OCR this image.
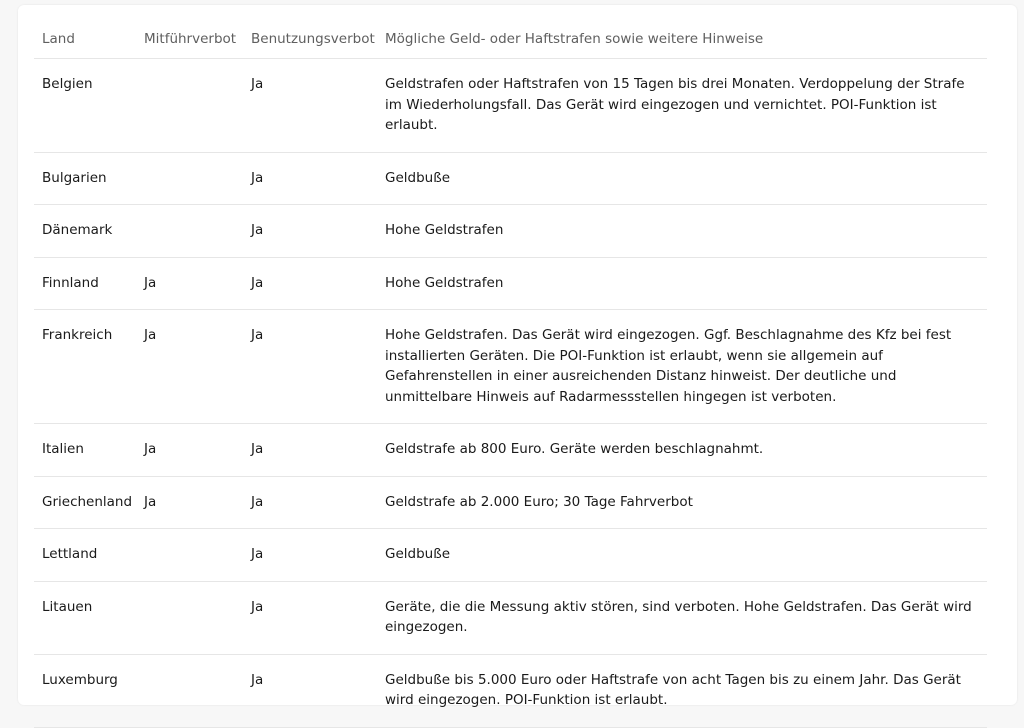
Land	Mitführverbot	Benutzungsverbot	Mögliche Geld- oder Haftstrafen sowie weitere Hinweise
Belgien		Ja	Geldstrafen oder Haftstrafen von 15 Tagen bis drei Monaten. Verdoppelung der Strafe im Wiederholungsfall. Das Gerät wird eingezogen und vernichtet. POI-Funktion ist erlaubt.
Bulgarien		Ja	Geldbuße
Dänemark		Ja	Hohe Geldstrafen
Finnland	Ja	Ja	Hohe Geldstrafen
Frankreich	Ja	Ja	Hohe Geldstrafen. Das Gerät wird eingezogen. Ggf. Beschlagnahme des Kfz bei fest installierten Geräten. Die POI-Funktion ist erlaubt, wenn sie allgemein auf Gefahrenstellen in einer ausreichenden Distanz hinweist. Der deutliche und unmittelbare Hinweis auf Radarmessstellen hingegen ist verboten.
Italien	Ja	Ja	Geldstrafe ab 800 Euro. Geräte werden beschlagnahmt.
Griechenland	Ja	Ja	Geldstrafe ab 2.000 Euro; 30 Tage Fahrverbot
Lettland		Ja	Geldbuße
Litauen		Ja	Geräte, die die Messung aktiv stören, sind verboten. Hohe Geldstrafen. Das Gerät wird eingezogen.
Luxemburg		Ja	Geldbuße bis 5.000 Euro oder Haftstrafe von acht Tagen bis zu einem Jahr. Das Gerät wird eingezogen. POI-Funktion ist erlaubt.
